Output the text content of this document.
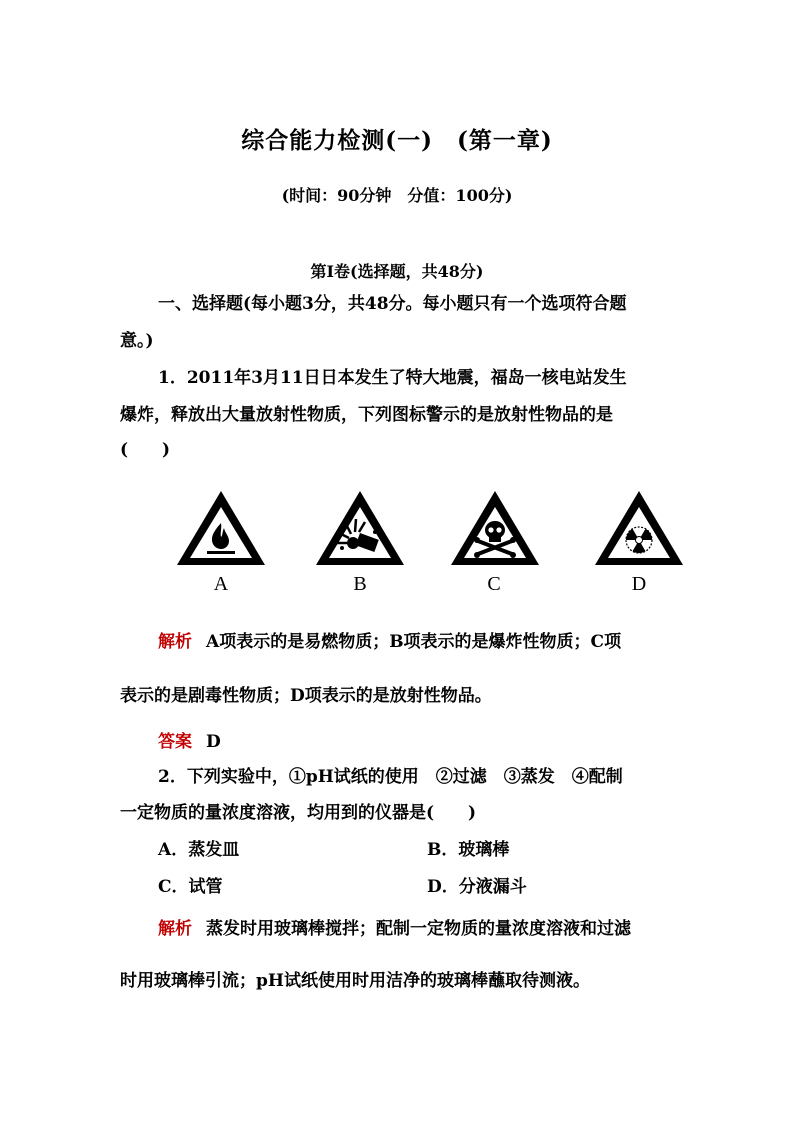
综合能力检测(一)　(第一章)
(时间：90分钟　分值：100分)
第Ⅰ卷(选择题，共48分)
一、选择题(每小题3分，共48分。每小题只有一个选项符合题
意。)
1．2011年3月11日日本发生了特大地震，福岛一核电站发生
爆炸，释放出大量放射性物质，下列图标警示的是放射性物品的是
(　　)
A	B	C	D
解析 A项表示的是易燃物质；B项表示的是爆炸性物质；C项
表示的是剧毒性物质；D项表示的是放射性物品。
答案 D
2．下列实验中，①pH试纸的使用　②过滤　③蒸发　④配制
一定物质的量浓度溶液，均用到的仪器是(　　)
A．蒸发皿	B．玻璃棒
C．试管	D．分液漏斗
解析 蒸发时用玻璃棒搅拌；配制一定物质的量浓度溶液和过滤
时用玻璃棒引流；pH试纸使用时用洁净的玻璃棒蘸取待测液。
